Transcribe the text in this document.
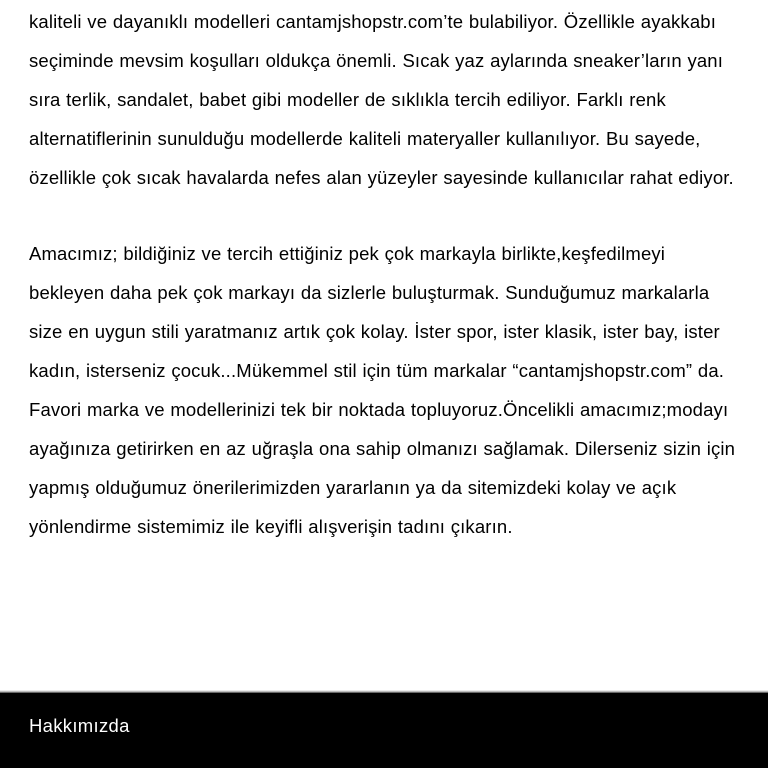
kaliteli ve dayanıklı modelleri cantamjshopstr.com’te bulabiliyor. Özellikle ayakkabı seçiminde mevsim koşulları oldukça önemli. Sıcak yaz aylarında sneaker’ların yanı sıra terlik, sandalet, babet gibi modeller de sıklıkla tercih ediliyor. Farklı renk alternatiflerinin sunulduğu modellerde kaliteli materyaller kullanılıyor. Bu sayede, özellikle çok sıcak havalarda nefes alan yüzeyler sayesinde kullanıcılar rahat ediyor.

Amacımız; bildiğiniz ve tercih ettiğiniz pek çok markayla birlikte,keşfedilmeyi bekleyen daha pek çok markayı da sizlerle buluşturmak. Sunduğumuz markalarla size en uygun stili yaratmanız artık çok kolay. İster spor, ister klasik, ister bay, ister kadın, isterseniz çocuk...Mükemmel stil için tüm markalar “cantamjshopstr.com” da. Favori marka ve modellerinizi tek bir noktada topluyoruz.Öncelikli amacımız;modayı ayağınıza getirirken en az uğraşla ona sahip olmanızı sağlamak. Dilerseniz sizin için yapmış olduğumuz önerilerimizden yararlanın ya da sitemizdeki kolay ve açık yönlendirme sistemimiz ile keyifli alışverişin tadını çıkarın.

Hakkımızda
